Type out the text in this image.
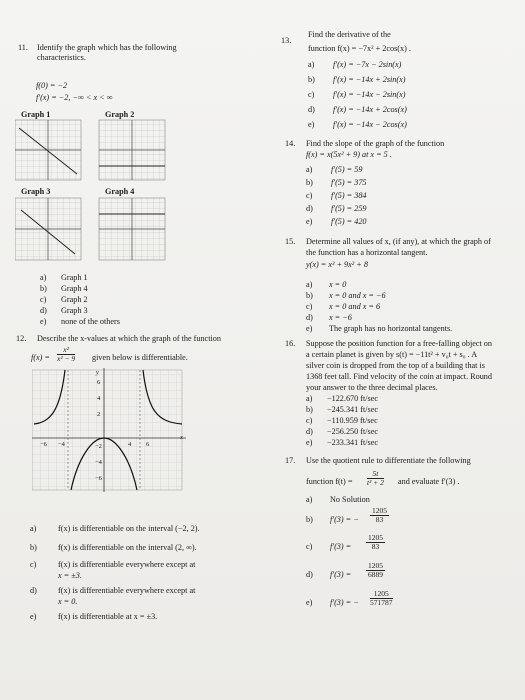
11. Identify the graph which has the following
characteristics.
f(0) = −2
f′(x) = −2, −∞ < x < ∞
Graph 1	Graph 2
Graph 3	Graph 4
a) Graph 1
b) Graph 4
c) Graph 2
d) Graph 3
e) none of the others
12. Describe the x-values at which the graph of the function
$f(x) = \frac{\text{x²}}{\text{x² − 9}}$ given below is differentiable.
y
x
−6 −4	4 6
6
4
2
−2
−4
−6
a)	f(x) is differentiable on the interval (−2, 2).
b)	f(x) is differentiable on the interval (2, ∞).
c)	f(x) is differentiable everywhere except at
x = ±3.
d)	f(x) is differentiable everywhere except at
x = 0.
e)	f(x) is differentiable at x = ±3.
13.
Find the derivative of the
function f(x) = −7x² + 2cos(x) .
a) f′(x) = −7x − 2sin(x)
b) f′(x) = −14x + 2sin(x)
c) f′(x) = −14x − 2sin(x)
d) f′(x) = −14x + 2cos(x)
e) f′(x) = −14x − 2cos(x)
14. Find the slope of the graph of the function
f(x) = x(5x² + 9) at x = 5 .
a) f′(5) = 59
b) f′(5) = 375
c) f′(5) = 384
d) f′(5) = 259
e) f′(5) = 420
15. Determine all values of x, (if any), at which the graph of
the function has a horizontal tangent.
y(x) = x³ + 9x² + 8
a) x = 0
b) x = 0 and x = −6
c) x = 0 and x = 6
d) x = −6
e) The graph has no horizontal tangents.
16. Suppose the position function for a free-falling object on
a certain planet is given by s(t) = −11t² + v₀t + s₀ . A
silver coin is dropped from the top of a building that is
1368 feet tall. Find velocity of the coin at impact. Round
your answer to the three decimal places.
a) −122.670 ft/sec
b) −245.341 ft/sec
c) −110.959 ft/sec
d) −256.250 ft/sec
e) −233.341 ft/sec
17. Use the quotient rule to differentiate the following
function $f(t) = \frac{5t}{\text{t² + 2}}$ and evaluate f′(3) .
a) No Solution
b) f′(3) = − $\frac{1205}{83}$
c) $f'(3) = \frac{1205}{83}$
d) $f'(3) = \frac{1205}{6889}$
e) f′(3) = − $\frac{1205}{571787}$
